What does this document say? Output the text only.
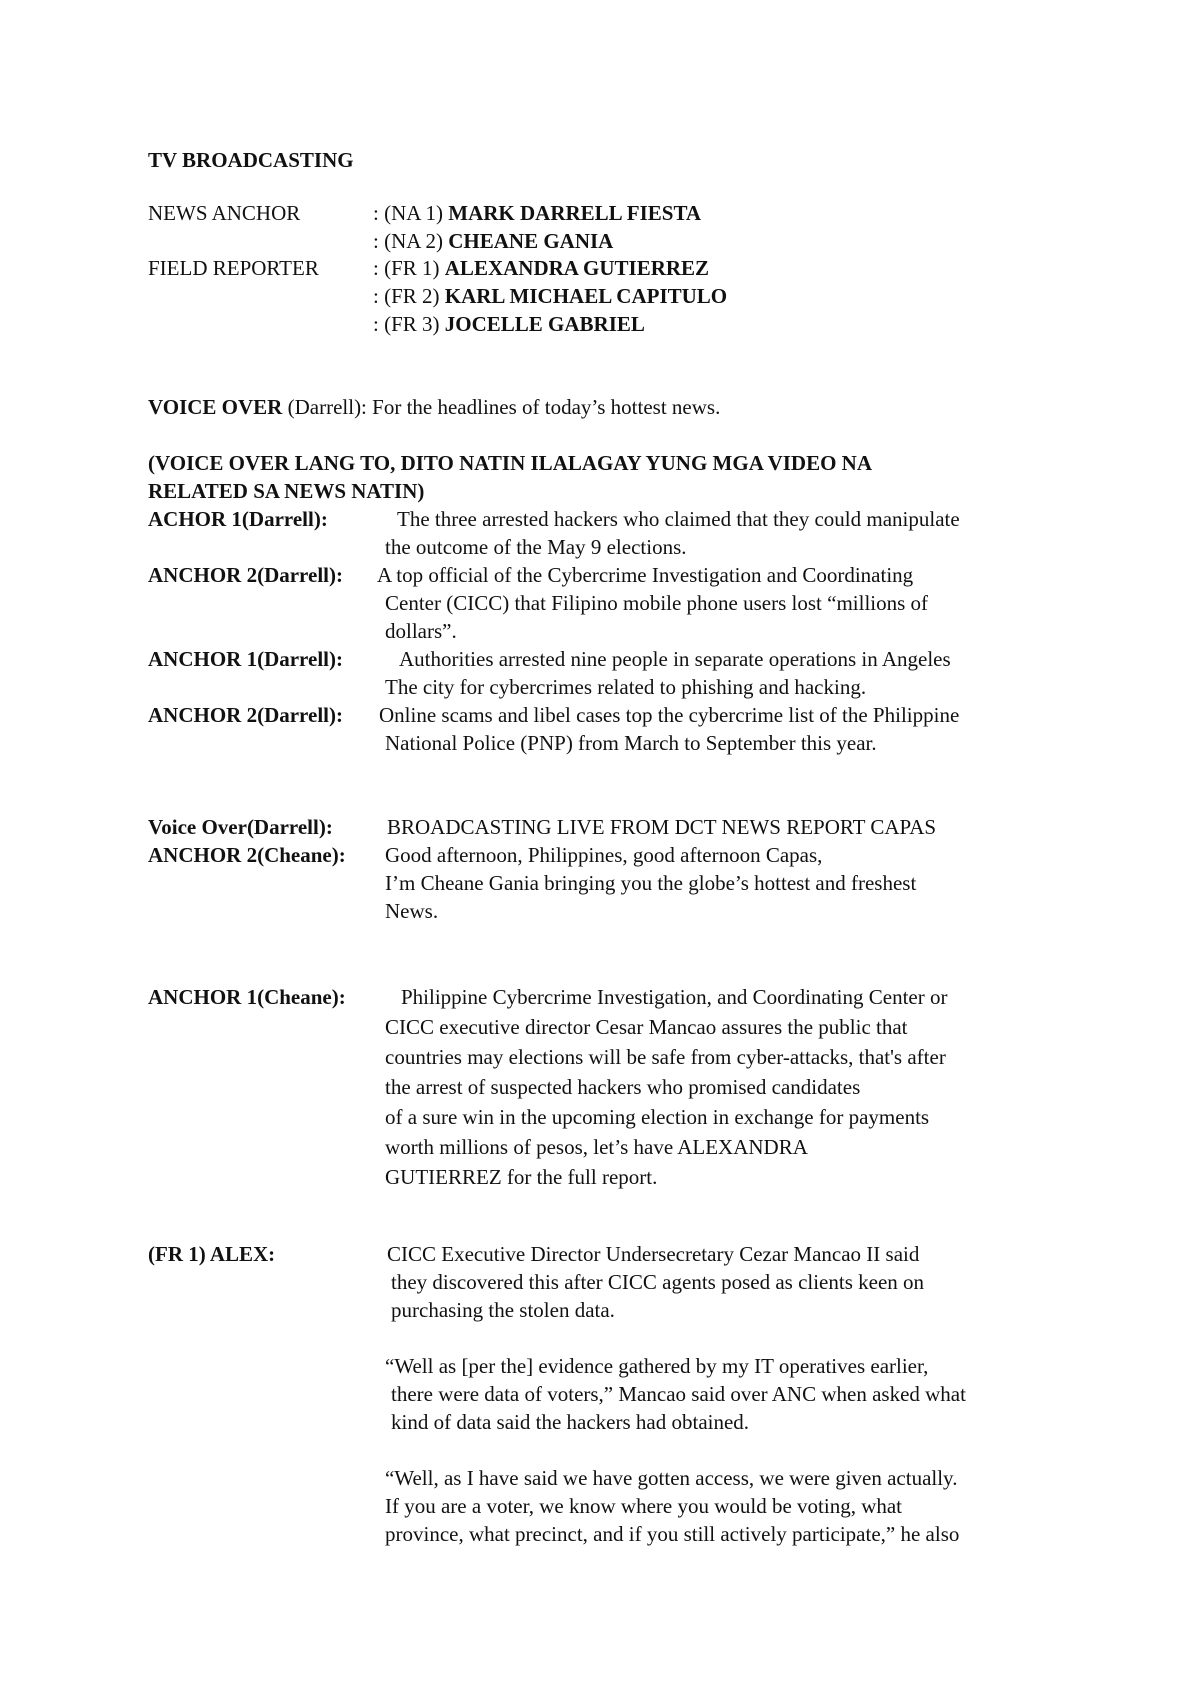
TV BROADCASTING
NEWS ANCHOR	: (NA 1) MARK DARRELL FIESTA
: (NA 2) CHEANE GANIA
FIELD REPORTER	: (FR 1) ALEXANDRA GUTIERREZ
: (FR 2) KARL MICHAEL CAPITULO
: (FR 3) JOCELLE GABRIEL
VOICE OVER (Darrell): For the headlines of today’s hottest news.
(VOICE OVER LANG TO, DITO NATIN ILALAGAY YUNG MGA VIDEO NA
RELATED SA NEWS NATIN)
ACHOR 1(Darrell):	The three arrested hackers who claimed that they could manipulate
the outcome of the May 9 elections.
ANCHOR 2(Darrell): A top official of the Cybercrime Investigation and Coordinating
Center (CICC) that Filipino mobile phone users lost “millions of
dollars”.
ANCHOR 1(Darrell):	Authorities arrested nine people in separate operations in Angeles
The city for cybercrimes related to phishing and hacking.
ANCHOR 2(Darrell): Online scams and libel cases top the cybercrime list of the Philippine
National Police (PNP) from March to September this year.
Voice Over(Darrell):	BROADCASTING LIVE FROM DCT NEWS REPORT CAPAS
ANCHOR 2(Cheane): Good afternoon, Philippines, good afternoon Capas,
I’m Cheane Gania bringing you the globe’s hottest and freshest
News.
ANCHOR 1(Cheane):	Philippine Cybercrime Investigation, and Coordinating Center or
CICC executive director Cesar Mancao assures the public that
countries may elections will be safe from cyber-attacks, that's after
the arrest of suspected hackers who promised candidates
of a sure win in the upcoming election in exchange for payments
worth millions of pesos, let’s have ALEXANDRA
GUTIERREZ for the full report.
(FR 1) ALEX:	CICC Executive Director Undersecretary Cezar Mancao II said
they discovered this after CICC agents posed as clients keen on
purchasing the stolen data.
“Well as [per the] evidence gathered by my IT operatives earlier,
there were data of voters,” Mancao said over ANC when asked what
kind of data said the hackers had obtained.
“Well, as I have said we have gotten access, we were given actually.
If you are a voter, we know where you would be voting, what
province, what precinct, and if you still actively participate,” he also
